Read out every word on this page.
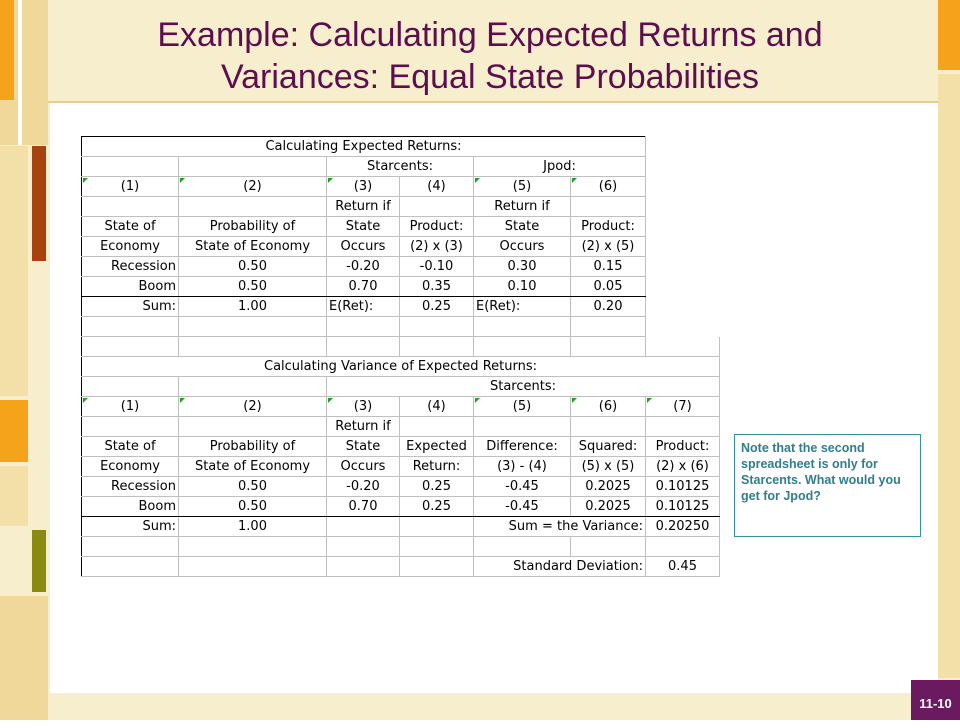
Example: Calculating Expected Returns and
Variances: Equal State Probabilities
Calculating Expected Returns:						
		Starcents:		Jpod:		
(1)	(2)	(3)	(4)	(5)	(6)	
		Return if		Return if		
State of	Probability of	State	Product:	State	Product:	
Economy	State of Economy	Occurs	(2) x (3)	Occurs	(2) x (5)	
Recession	0.50	-0.20	-0.10	0.30	0.15	
Boom	0.50	0.70	0.35	0.10	0.05	
Sum:	1.00	E(Ret):	0.25	E(Ret):	0.20	

Calculating Variance of Expected Returns:						
		Starcents:				
(1)	(2)	(3)	(4)	(5)	(6)	(7)
		Return if				
State of	Probability of	State	Expected	Difference:	Squared:	Product:
Economy	State of Economy	Occurs	Return:	(3) - (4)	(5) x (5)	(2) x (6)
Recession	0.50	-0.20	0.25	-0.45	0.2025	0.10125
Boom	0.50	0.70	0.25	-0.45	0.2025	0.10125
Sum:	1.00			Sum = the Variance:		0.20250

				Standard Deviation:		0.45
Note that the second spreadsheet is only for Starcents. What would you get for Jpod?
11-10
